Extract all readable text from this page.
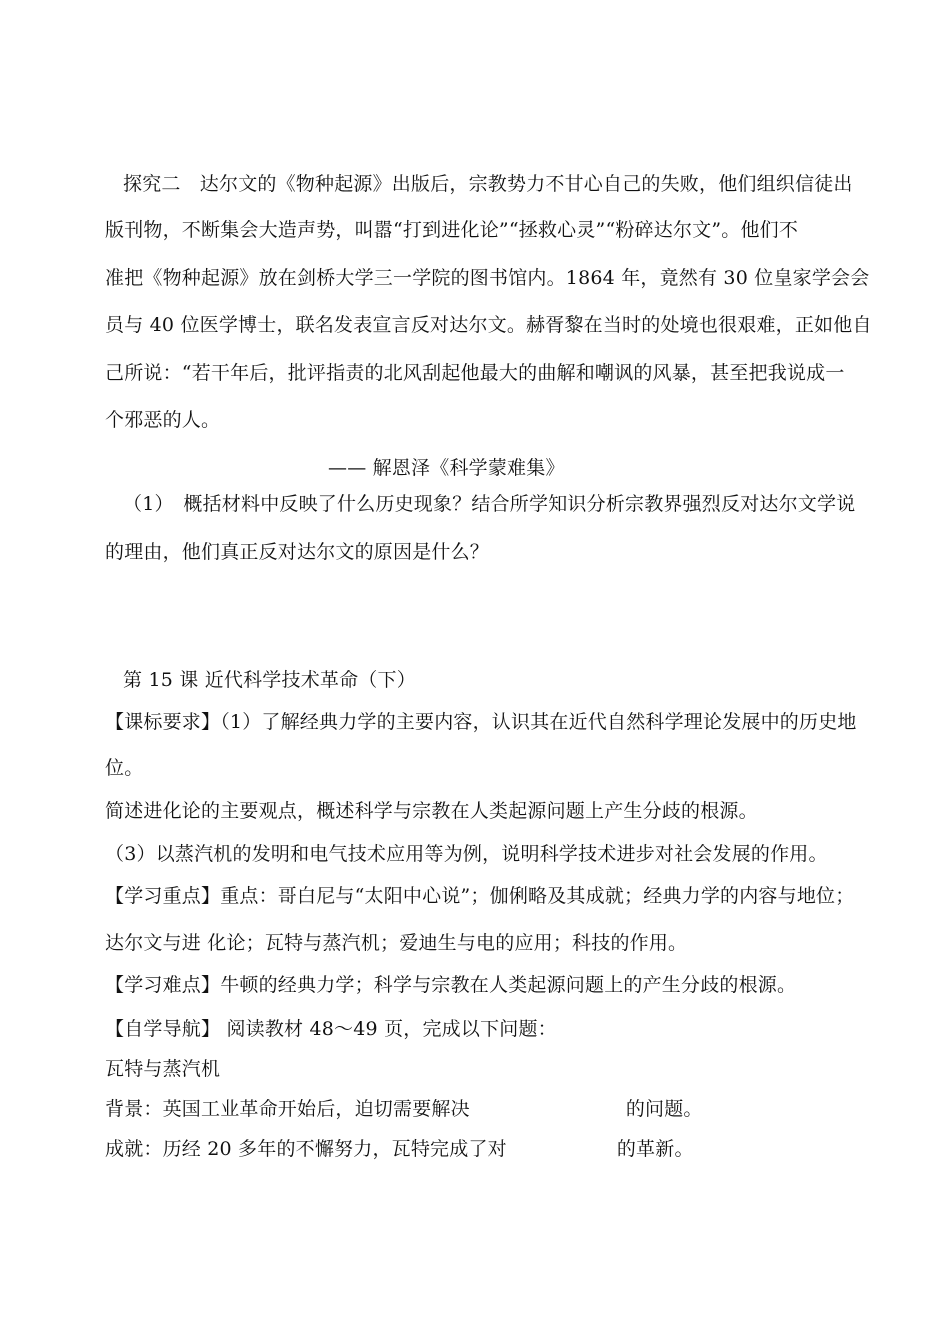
探究二　达尔文的《物种起源》出版后，宗教势力不甘心自己的失败，他们组织信徒出
版刊物，不断集会大造声势，叫嚣“打到进化论”“拯救心灵”“粉碎达尔文”。他们不
准把《物种起源》放在剑桥大学三一学院的图书馆内。1864 年，竟然有 30 位皇家学会会
员与 40 位医学博士，联名发表宣言反对达尔文。赫胥黎在当时的处境也很艰难，正如他自
己所说：“若干年后，批评指责的北风刮起他最大的曲解和嘲讽的风暴，甚至把我说成一
个邪恶的人。
—— 解恩泽《科学蒙难集》
（1）　概括材料中反映了什么历史现象？结合所学知识分析宗教界强烈反对达尔文学说
的理由，他们真正反对达尔文的原因是什么？
第 15 课 近代科学技术革命（下）
【课标要求】（1）了解经典力学的主要内容，认识其在近代自然科学理论发展中的历史地
位。
简述进化论的主要观点，概述科学与宗教在人类起源问题上产生分歧的根源。
（3）以蒸汽机的发明和电气技术应用等为例，说明科学技术进步对社会发展的作用。
【学习重点】重点：哥白尼与“太阳中心说”；伽俐略及其成就；经典力学的内容与地位；
达尔文与进 化论；瓦特与蒸汽机；爱迪生与电的应用；科技的作用。
【学习难点】牛顿的经典力学；科学与宗教在人类起源问题上的产生分歧的根源。
【自学导航】 阅读教材 48～49 页，完成以下问题：
瓦特与蒸汽机
背景：英国工业革命开始后，迫切需要解决	的问题。
成就：历经 20 多年的不懈努力，瓦特完成了对	的革新。
